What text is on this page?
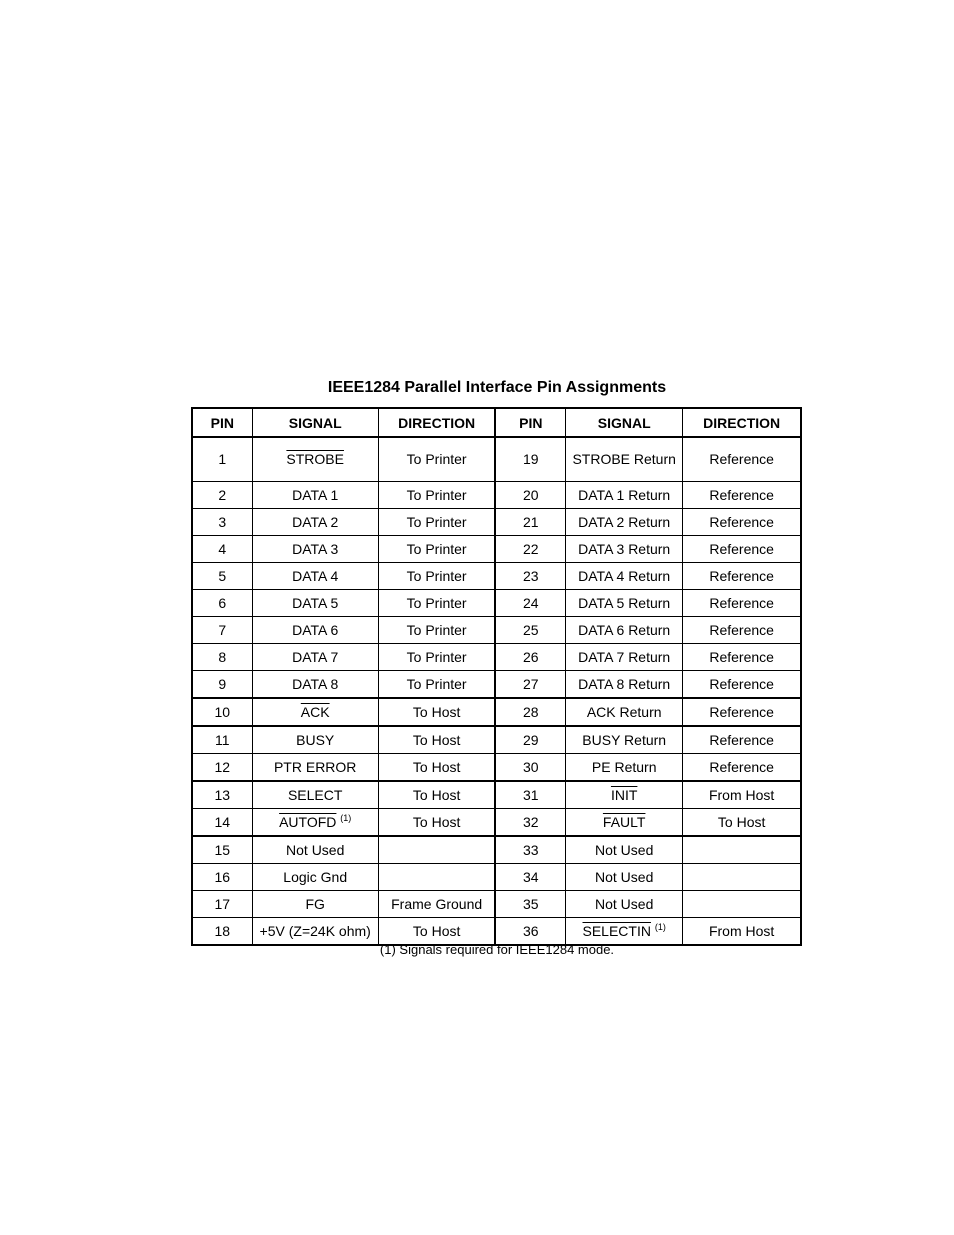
IEEE1284 Parallel Interface Pin Assignments
PIN	SIGNAL	DIRECTION	PIN	SIGNAL	DIRECTION
1	STROBE	To Printer	19	STROBE Return	Reference
2	DATA 1	To Printer	20	DATA 1 Return	Reference
3	DATA 2	To Printer	21	DATA 2 Return	Reference
4	DATA 3	To Printer	22	DATA 3 Return	Reference
5	DATA 4	To Printer	23	DATA 4 Return	Reference
6	DATA 5	To Printer	24	DATA 5 Return	Reference
7	DATA 6	To Printer	25	DATA 6 Return	Reference
8	DATA 7	To Printer	26	DATA 7 Return	Reference
9	DATA 8	To Printer	27	DATA 8 Return	Reference
10	$\overline{ACK}$	To Host	28	ACK Return	Reference
11	BUSY	To Host	29	BUSY Return	Reference
12	PTR ERROR	To Host	30	PE Return	Reference
13	SELECT	To Host	31	INIT	From Host
14	AUTOFD $^{(1)}$	To Host	32	FAULT	To Host
15	Not Used		33	Not Used	
16	Logic Gnd		34	Not Used	
17	FG	Frame Ground	35	Not Used	
18	+5V (Z=24K ohm)	To Host	36	SELECTIN $^{(1)}$	From Host
(1) Signals required for IEEE1284 mode.
